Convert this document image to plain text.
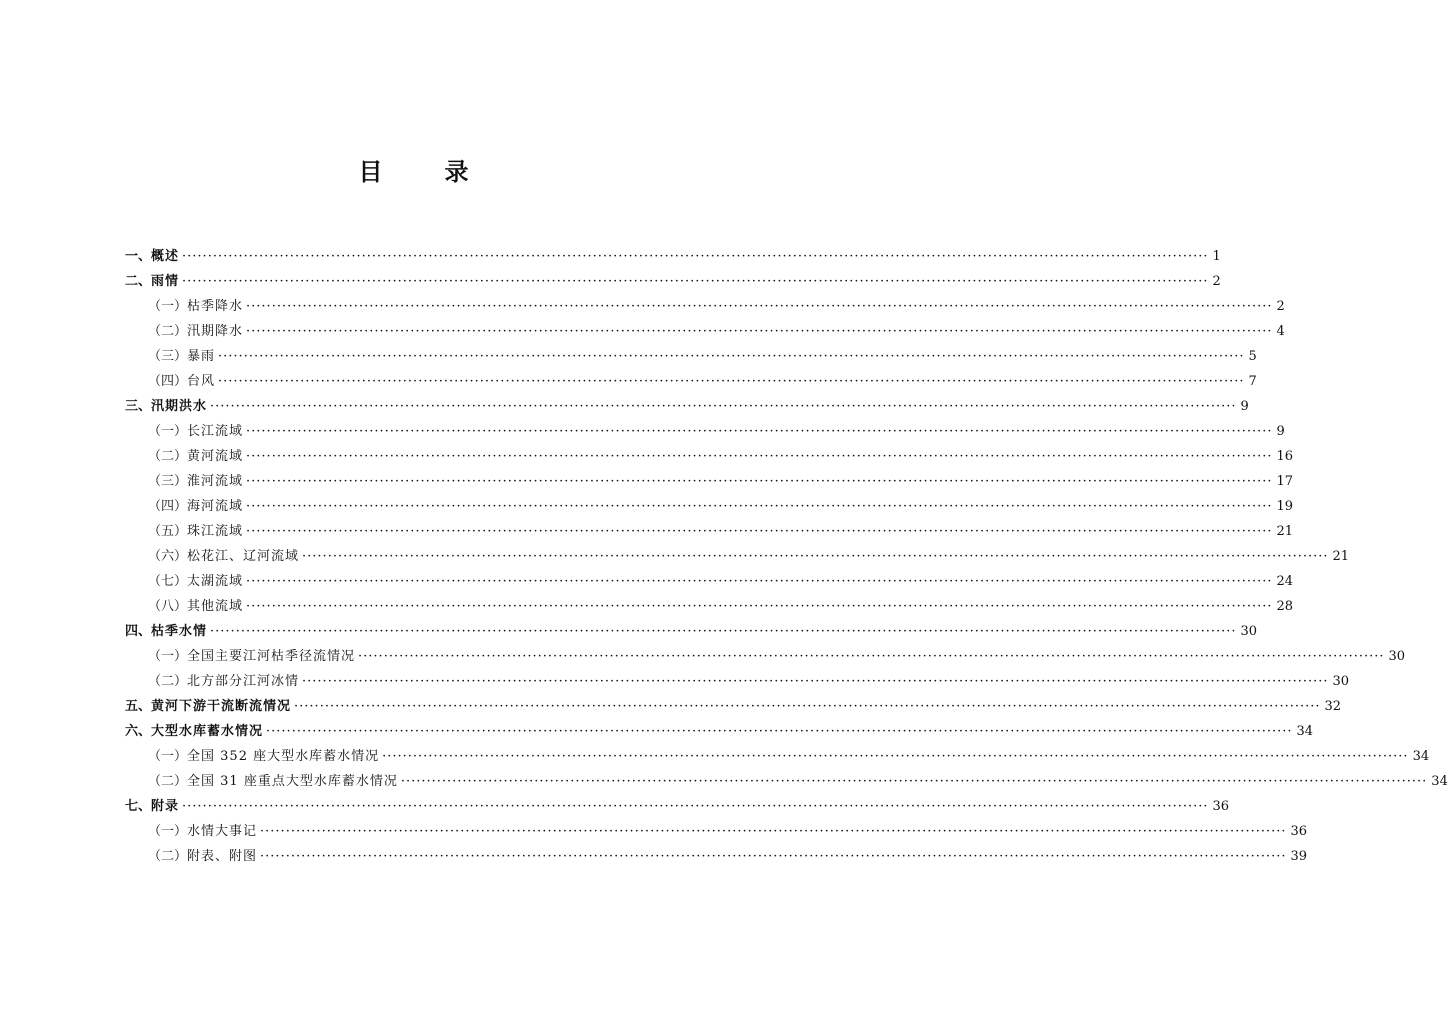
目	录
一、 概述 ········································································································································································································ 1
二、 雨情 ········································································································································································································ 2
（一） 枯季降水 ········································································································································································································ 2
（二） 汛期降水 ········································································································································································································ 4
（三） 暴雨 ········································································································································································································ 5
（四） 台风 ········································································································································································································ 7
三、 汛期洪水 ········································································································································································································ 9
（一） 长江流域 ········································································································································································································ 9
（二） 黄河流域 ········································································································································································································ 16
（三） 淮河流域 ········································································································································································································ 17
（四） 海河流域 ········································································································································································································ 19
（五） 珠江流域 ········································································································································································································ 21
（六） 松花江、辽河流域 ········································································································································································································ 21
（七） 太湖流域 ········································································································································································································ 24
（八） 其他流域 ········································································································································································································ 28
四、 枯季水情 ········································································································································································································ 30
（一） 全国主要江河枯季径流情况 ········································································································································································································ 30
（二） 北方部分江河冰情 ········································································································································································································ 30
五、 黄河下游干流断流情况 ········································································································································································································ 32
六、 大型水库蓄水情况 ········································································································································································································ 34
（一） 全国 352 座大型水库蓄水情况 ········································································································································································································ 34
（二） 全国 31 座重点大型水库蓄水情况 ········································································································································································································ 34
七、 附录 ········································································································································································································ 36
（一） 水情大事记 ········································································································································································································ 36
（二） 附表、附图 ········································································································································································································ 39
